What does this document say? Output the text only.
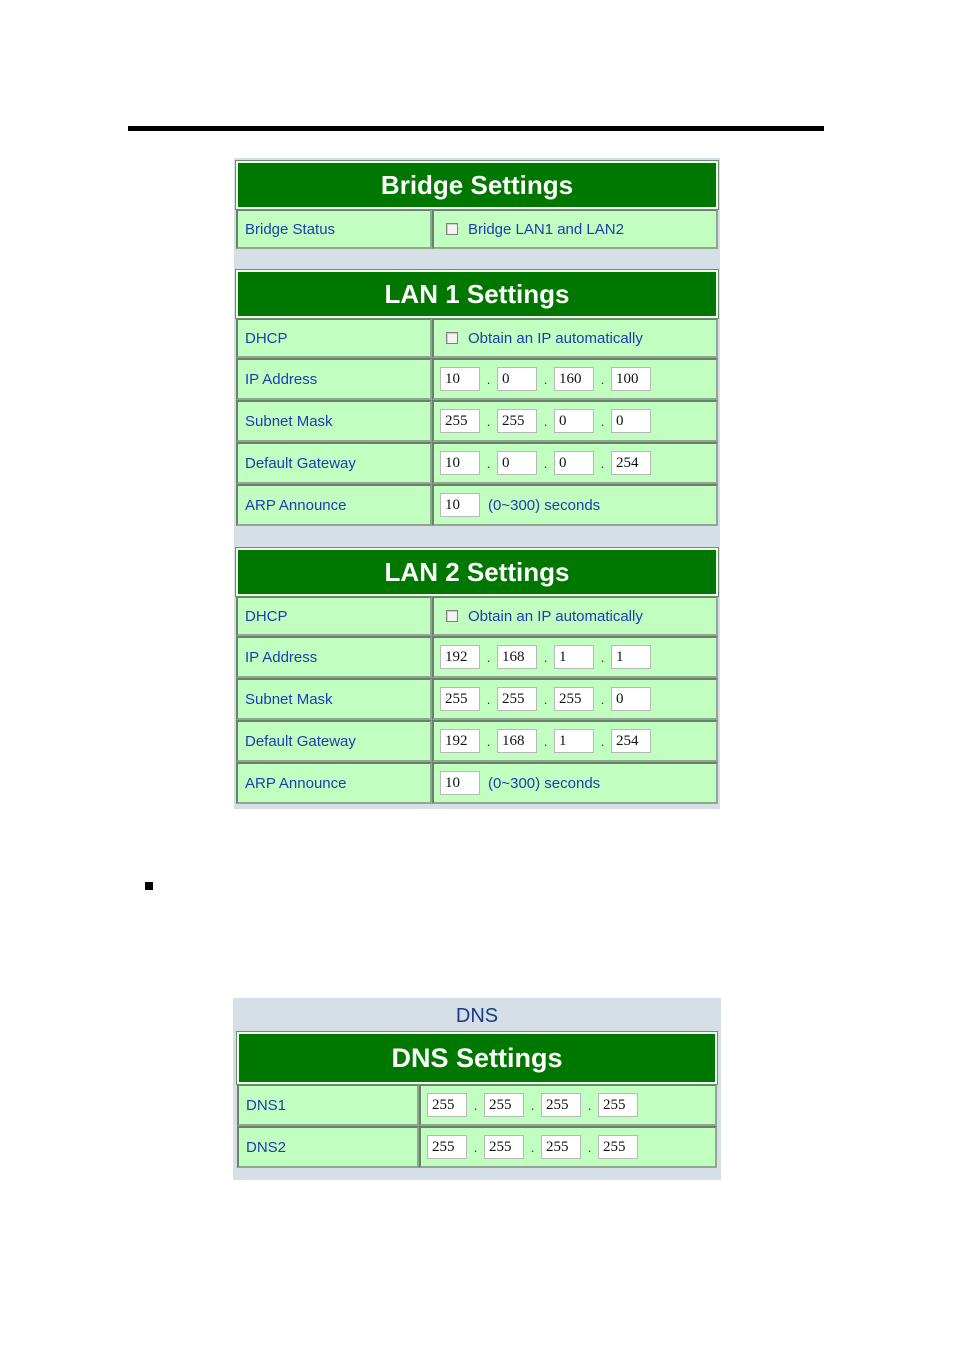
Bridge Settings
Bridge Status	Bridge LAN1 and LAN2
LAN 1 Settings
DHCP	Obtain an IP automatically
IP Address	10	. 0	. 160	. 100
Subnet Mask	255	. 255	. 0	. 0
Default Gateway	10	. 0	. 0	. 254
ARP Announce	10	(0~300) seconds
LAN 2 Settings
DHCP	Obtain an IP automatically
IP Address	192	. 168	. 1	. 1
Subnet Mask	255	. 255	. 255	. 0
Default Gateway	192	. 168	. 1	. 254
ARP Announce	10	(0~300) seconds
DNS
DNS Settings
DNS1	255	. 255	. 255	. 255
DNS2	255	. 255	. 255	. 255
